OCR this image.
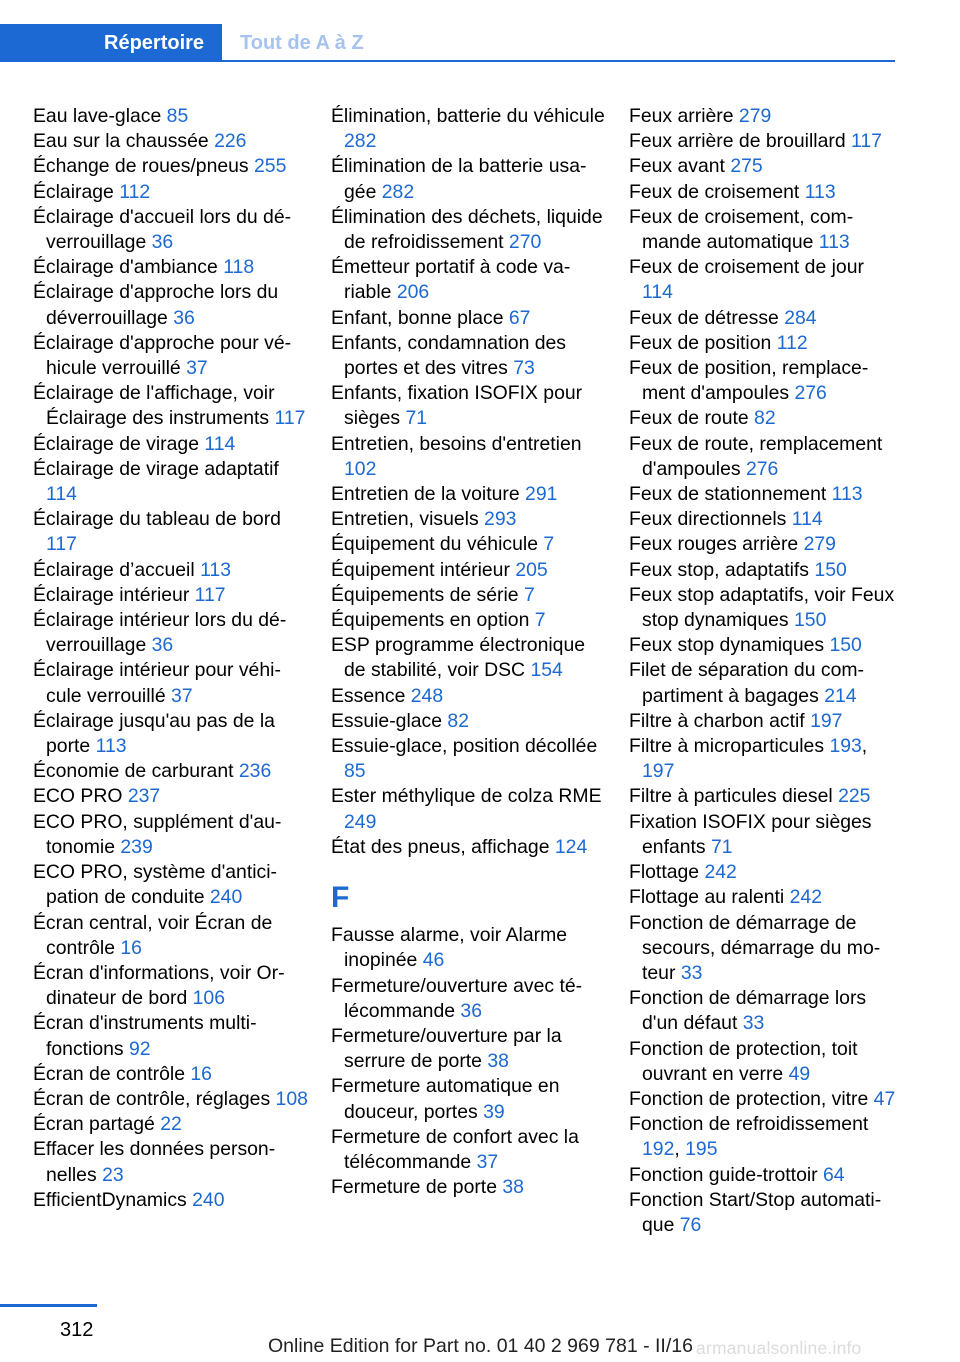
Répertoire	Tout de A à Z

Eau lave-glace 85

Eau sur la chaussée 226

Échange de roues/pneus 255

Éclairage 112

Éclairage d'accueil lors du déverrouillage 36

Éclairage d'ambiance 118

Éclairage d'approche lors du déverrouillage 36

Éclairage d'approche pour véhicule verrouillé 37

Éclairage de l'affichage, voir Éclairage des instruments 117

Éclairage de virage 114

Éclairage de virage adaptatif 114

Éclairage du tableau de bord 117

Éclairage d’accueil 113

Éclairage intérieur 117

Éclairage intérieur lors du déverrouillage 36

Éclairage intérieur pour véhicule verrouillé 37

Éclairage jusqu'au pas de la porte 113

Économie de carburant 236

ECO PRO 237

ECO PRO, supplément d'autonomie 239

ECO PRO, système d'anticipation de conduite 240

Écran central, voir Écran de contrôle 16

Écran d'informations, voir Ordinateur de bord 106

Écran d'instruments multifonctions 92

Écran de contrôle 16

Écran de contrôle, réglages 108

Écran partagé 22

Effacer les données personnelles 23

EfficientDynamics 240

Élimination, batterie du véhicule 282

Élimination de la batterie usagée 282

Élimination des déchets, liquide de refroidissement 270

Émetteur portatif à code variable 206

Enfant, bonne place 67

Enfants, condamnation des portes et des vitres 73

Enfants, fixation ISOFIX pour sièges 71

Entretien, besoins d'entretien 102

Entretien de la voiture 291

Entretien, visuels 293

Équipement du véhicule 7

Équipement intérieur 205

Équipements de série 7

Équipements en option 7

ESP programme électronique de stabilité, voir DSC 154

Essence 248

Essuie-glace 82

Essuie-glace, position décollée 85

Ester méthylique de colza RME 249

État des pneus, affichage 124

F

Fausse alarme, voir Alarme inopinée 46

Fermeture/ouverture avec télécommande 36

Fermeture/ouverture par la serrure de porte 38

Fermeture automatique en douceur, portes 39

Fermeture de confort avec la télécommande 37

Fermeture de porte 38

Feux arrière 279

Feux arrière de brouillard 117

Feux avant 275

Feux de croisement 113

Feux de croisement, commande automatique 113

Feux de croisement de jour 114

Feux de détresse 284

Feux de position 112

Feux de position, remplacement d'ampoules 276

Feux de route 82

Feux de route, remplacement d'ampoules 276

Feux de stationnement 113

Feux directionnels 114

Feux rouges arrière 279

Feux stop, adaptatifs 150

Feux stop adaptatifs, voir Feux stop dynamiques 150

Feux stop dynamiques 150

Filet de séparation du compartiment à bagages 214

Filtre à charbon actif 197

Filtre à microparticules 193, 197

Filtre à particules diesel 225

Fixation ISOFIX pour sièges enfants 71

Flottage 242

Flottage au ralenti 242

Fonction de démarrage de secours, démarrage du moteur 33

Fonction de démarrage lors d'un défaut 33

Fonction de protection, toit ouvrant en verre 49

Fonction de protection, vitre 47

Fonction de refroidissement 192, 195

Fonction guide-trottoir 64

Fonction Start/Stop automatique 76

312
Online Edition for Part no. 01 40 2 969 781 - II/16 armanualsonline.info
